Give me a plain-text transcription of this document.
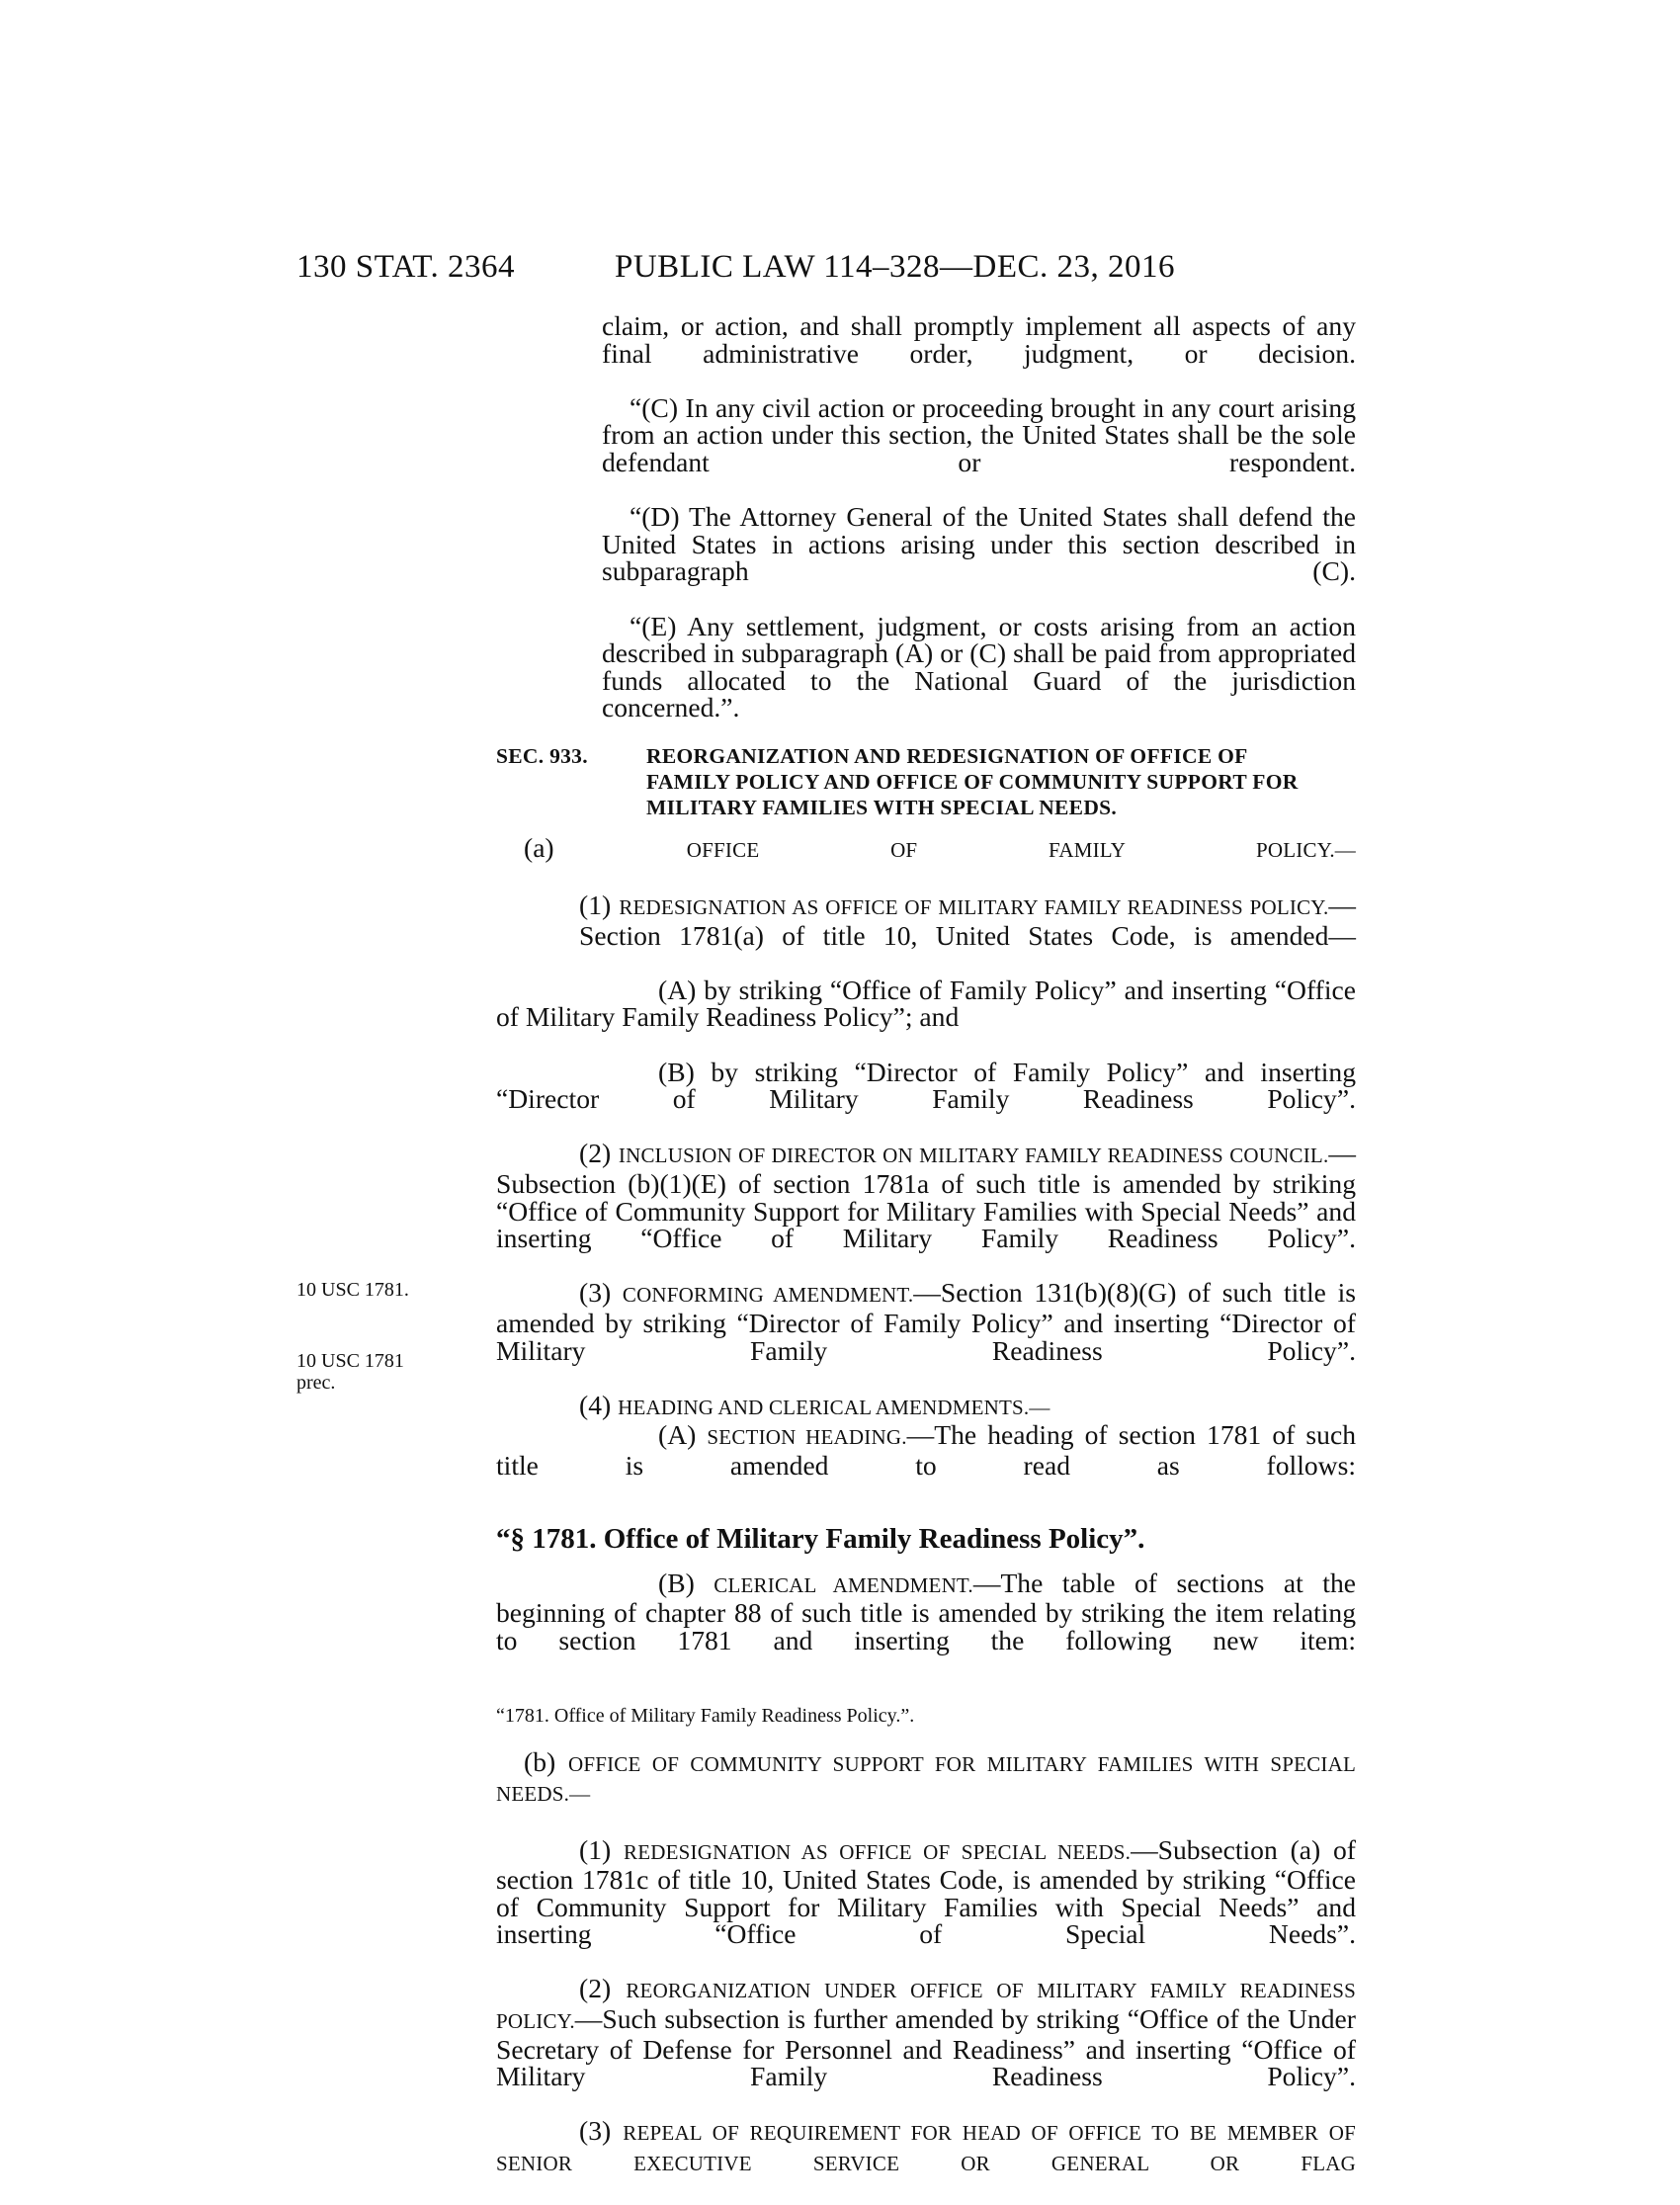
130 STAT. 2364	PUBLIC LAW 114–328—DEC. 23, 2016
10 USC 1781.
10 USC 1781
prec.

claim, or action, and shall promptly implement all aspects of any final administrative order, judgment, or decision.

“(C) In any civil action or proceeding brought in any court arising from an action under this section, the United States shall be the sole defendant or respondent.

“(D) The Attorney General of the United States shall defend the United States in actions arising under this section described in subparagraph (C).

“(E) Any settlement, judgment, or costs arising from an action described in subparagraph (A) or (C) shall be paid from appropriated funds allocated to the National Guard of the jurisdiction concerned.”.

SEC. 933.	REORGANIZATION AND REDESIGNATION OF OFFICE OF
FAMILY POLICY AND OFFICE OF COMMUNITY SUPPORT FOR MILITARY FAMILIES WITH SPECIAL NEEDS.

(a) OFFICE OF FAMILY POLICY.—

(1) REDESIGNATION AS OFFICE OF MILITARY FAMILY READINESS POLICY.—Section 1781(a) of title 10, United States Code, is amended—

(A) by striking “Office of Family Policy” and inserting “Office of Military Family Readiness Policy”; and

(B) by striking “Director of Family Policy” and inserting “Director of Military Family Readiness Policy”.

(2) INCLUSION OF DIRECTOR ON MILITARY FAMILY READINESS COUNCIL.—Subsection (b)(1)(E) of section 1781a of such title is amended by striking “Office of Community Support for Military Families with Special Needs” and inserting “Office of Military Family Readiness Policy”.

(3) CONFORMING AMENDMENT.—Section 131(b)(8)(G) of such title is amended by striking “Director of Family Policy” and inserting “Director of Military Family Readiness Policy”.

(4) HEADING AND CLERICAL AMENDMENTS.—

(A) SECTION HEADING.—The heading of section 1781 of such title is amended to read as follows:

“§ 1781. Office of Military Family Readiness Policy”.

(B) CLERICAL AMENDMENT.—The table of sections at the beginning of chapter 88 of such title is amended by striking the item relating to section 1781 and inserting the following new item:

“1781. Office of Military Family Readiness Policy.”.

(b) OFFICE OF COMMUNITY SUPPORT FOR MILITARY FAMILIES WITH SPECIAL NEEDS.—

(1) REDESIGNATION AS OFFICE OF SPECIAL NEEDS.—Subsection (a) of section 1781c of title 10, United States Code, is amended by striking “Office of Community Support for Military Families with Special Needs” and inserting “Office of Special Needs”.

(2) REORGANIZATION UNDER OFFICE OF MILITARY FAMILY READINESS POLICY.—Such subsection is further amended by striking “Office of the Under Secretary of Defense for Personnel and Readiness” and inserting “Office of Military Family Readiness Policy”.

(3) REPEAL OF REQUIREMENT FOR HEAD OF OFFICE TO BE MEMBER OF SENIOR EXECUTIVE SERVICE OR GENERAL OR FLAG
